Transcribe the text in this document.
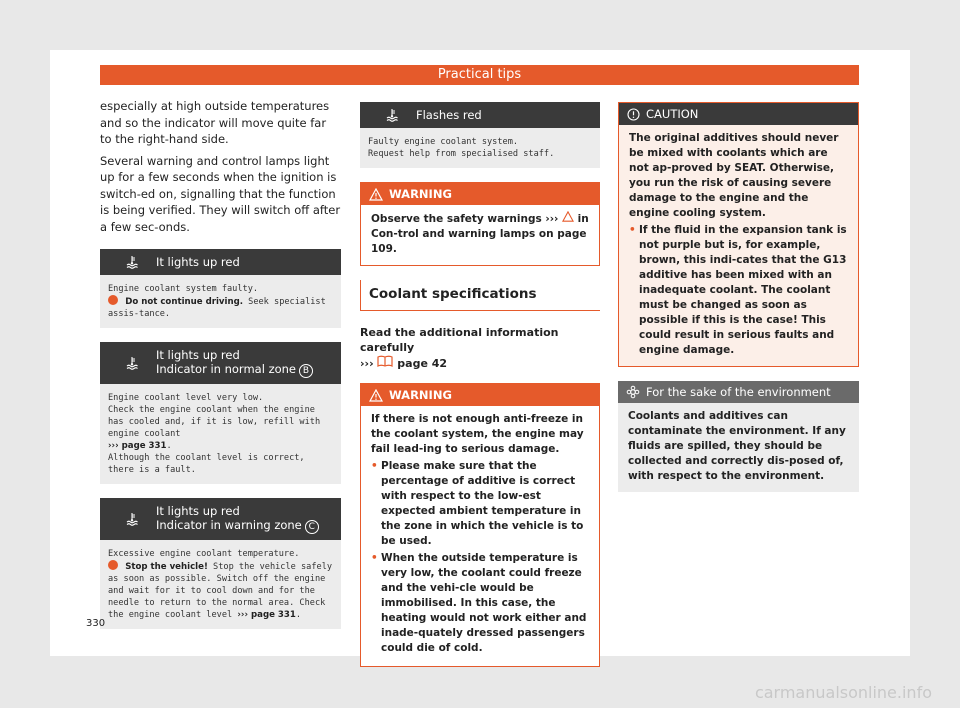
Practical tips

especially at high outside temperatures and so the indicator will move quite far to the right-hand side.

Several warning and control lamps light up for a few seconds when the ignition is switch-ed on, signalling that the function is being verified. They will switch off after a few sec-onds.

It lights up red
Engine coolant system faulty.
Do not continue driving. Seek specialist assis-tance.
It lights up red
Indicator in normal zone B
Engine coolant level very low.
Check the engine coolant when the engine has cooled and, if it is low, refill with engine coolant
››› page 331.
Although the coolant level is correct, there is a fault.
It lights up red
Indicator in warning zone C
Excessive engine coolant temperature.
Stop the vehicle! Stop the vehicle safely as soon as possible. Switch off the engine and wait for it to cool down and for the needle to return to the normal area. Check the engine coolant level ››› page 331.
Flashes red
Faulty engine coolant system.
Request help from specialised staff.
WARNING
Observe the safety warnings ›››  in Con-trol and warning lamps on page 109.
Coolant specifications
Read the additional information carefully
›››  page 42
WARNING

If there is not enough anti-freeze in the coolant system, the engine may fail lead-ing to serious damage.

• Please make sure that the percentage of additive is correct with respect to the low-est expected ambient temperature in the zone in which the vehicle is to be used.

• When the outside temperature is very low, the coolant could freeze and the vehi-cle would be immobilised. In this case, the heating would not work either and inade-quately dressed passengers could die of cold.

CAUTION

The original additives should never be mixed with coolants which are not ap-proved by SEAT. Otherwise, you run the risk of causing severe damage to the engine and the engine cooling system.

• If the fluid in the expansion tank is not purple but is, for example, brown, this indi-cates that the G13 additive has been mixed with an inadequate coolant. The coolant must be changed as soon as possible if this is the case! This could result in serious faults and engine damage.

For the sake of the environment

Coolants and additives can contaminate the environment. If any fluids are spilled, they should be collected and correctly dis-posed of, with respect to the environment.

330
carmanualsonline.info
